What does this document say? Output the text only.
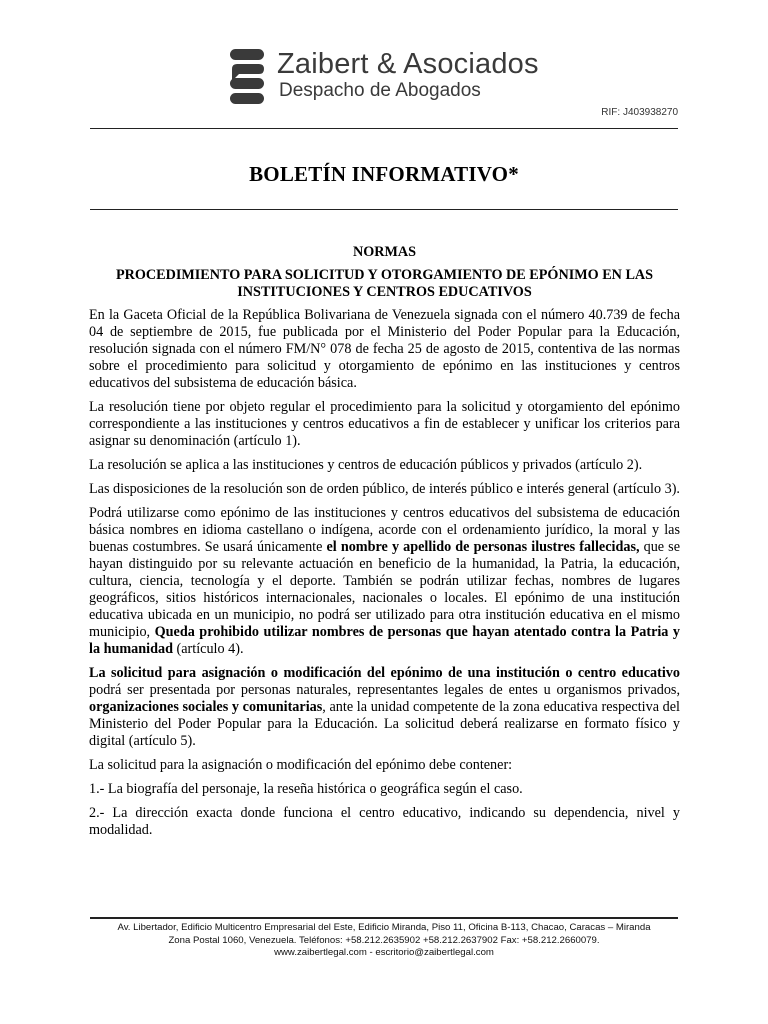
Zaibert & Asociados
Despacho de Abogados
RIF: J403938270
BOLETÍN INFORMATIVO*

NORMAS

PROCEDIMIENTO PARA SOLICITUD Y OTORGAMIENTO DE EPÓNIMO EN LAS INSTITUCIONES Y CENTROS EDUCATIVOS

En la Gaceta Oficial de la República Bolivariana de Venezuela signada con el número 40.739 de fecha 04 de septiembre de 2015, fue publicada por el Ministerio del Poder Popular para la Educación, resolución signada con el número FM/N° 078 de fecha 25 de agosto de 2015, contentiva de las normas sobre el procedimiento para solicitud y otorgamiento de epónimo en las instituciones y centros educativos del subsistema de educación básica.

La resolución tiene por objeto regular el procedimiento para la solicitud y otorgamiento del epónimo correspondiente a las instituciones y centros educativos a fin de establecer y unificar los criterios para asignar su denominación (artículo 1).

La resolución se aplica a las instituciones y centros de educación públicos y privados (artículo 2).

Las disposiciones de la resolución son de orden público, de interés público e interés general (artículo 3).

Podrá utilizarse como epónimo de las instituciones y centros educativos del subsistema de educación básica nombres en idioma castellano o indígena, acorde con el ordenamiento jurídico, la moral y las buenas costumbres. Se usará únicamente el nombre y apellido de personas ilustres fallecidas, que se hayan distinguido por su relevante actuación en beneficio de la humanidad, la Patria, la educación, cultura, ciencia, tecnología y el deporte. También se podrán utilizar fechas, nombres de lugares geográficos, sitios históricos internacionales, nacionales o locales. El epónimo de una institución educativa ubicada en un municipio, no podrá ser utilizado para otra institución educativa en el mismo municipio, Queda prohibido utilizar nombres de personas que hayan atentado contra la Patria y la humanidad (artículo 4).

La solicitud para asignación o modificación del epónimo de una institución o centro educativo podrá ser presentada por personas naturales, representantes legales de entes u organismos privados, organizaciones sociales y comunitarias, ante la unidad competente de la zona educativa respectiva del Ministerio del Poder Popular para la Educación. La solicitud deberá realizarse en formato físico y digital (artículo 5).

La solicitud para la asignación o modificación del epónimo debe contener:

1.- La biografía del personaje, la reseña histórica o geográfica según el caso.

2.- La dirección exacta donde funciona el centro educativo, indicando su dependencia, nivel y modalidad.

Av. Libertador, Edificio Multicentro Empresarial del Este, Edificio Miranda, Piso 11, Oficina B-113, Chacao, Caracas – Miranda
Zona Postal 1060, Venezuela. Teléfonos: +58.212.2635902 +58.212.2637902 Fax: +58.212.2660079.
www.zaibertlegal.com - escritorio@zaibertlegal.com
